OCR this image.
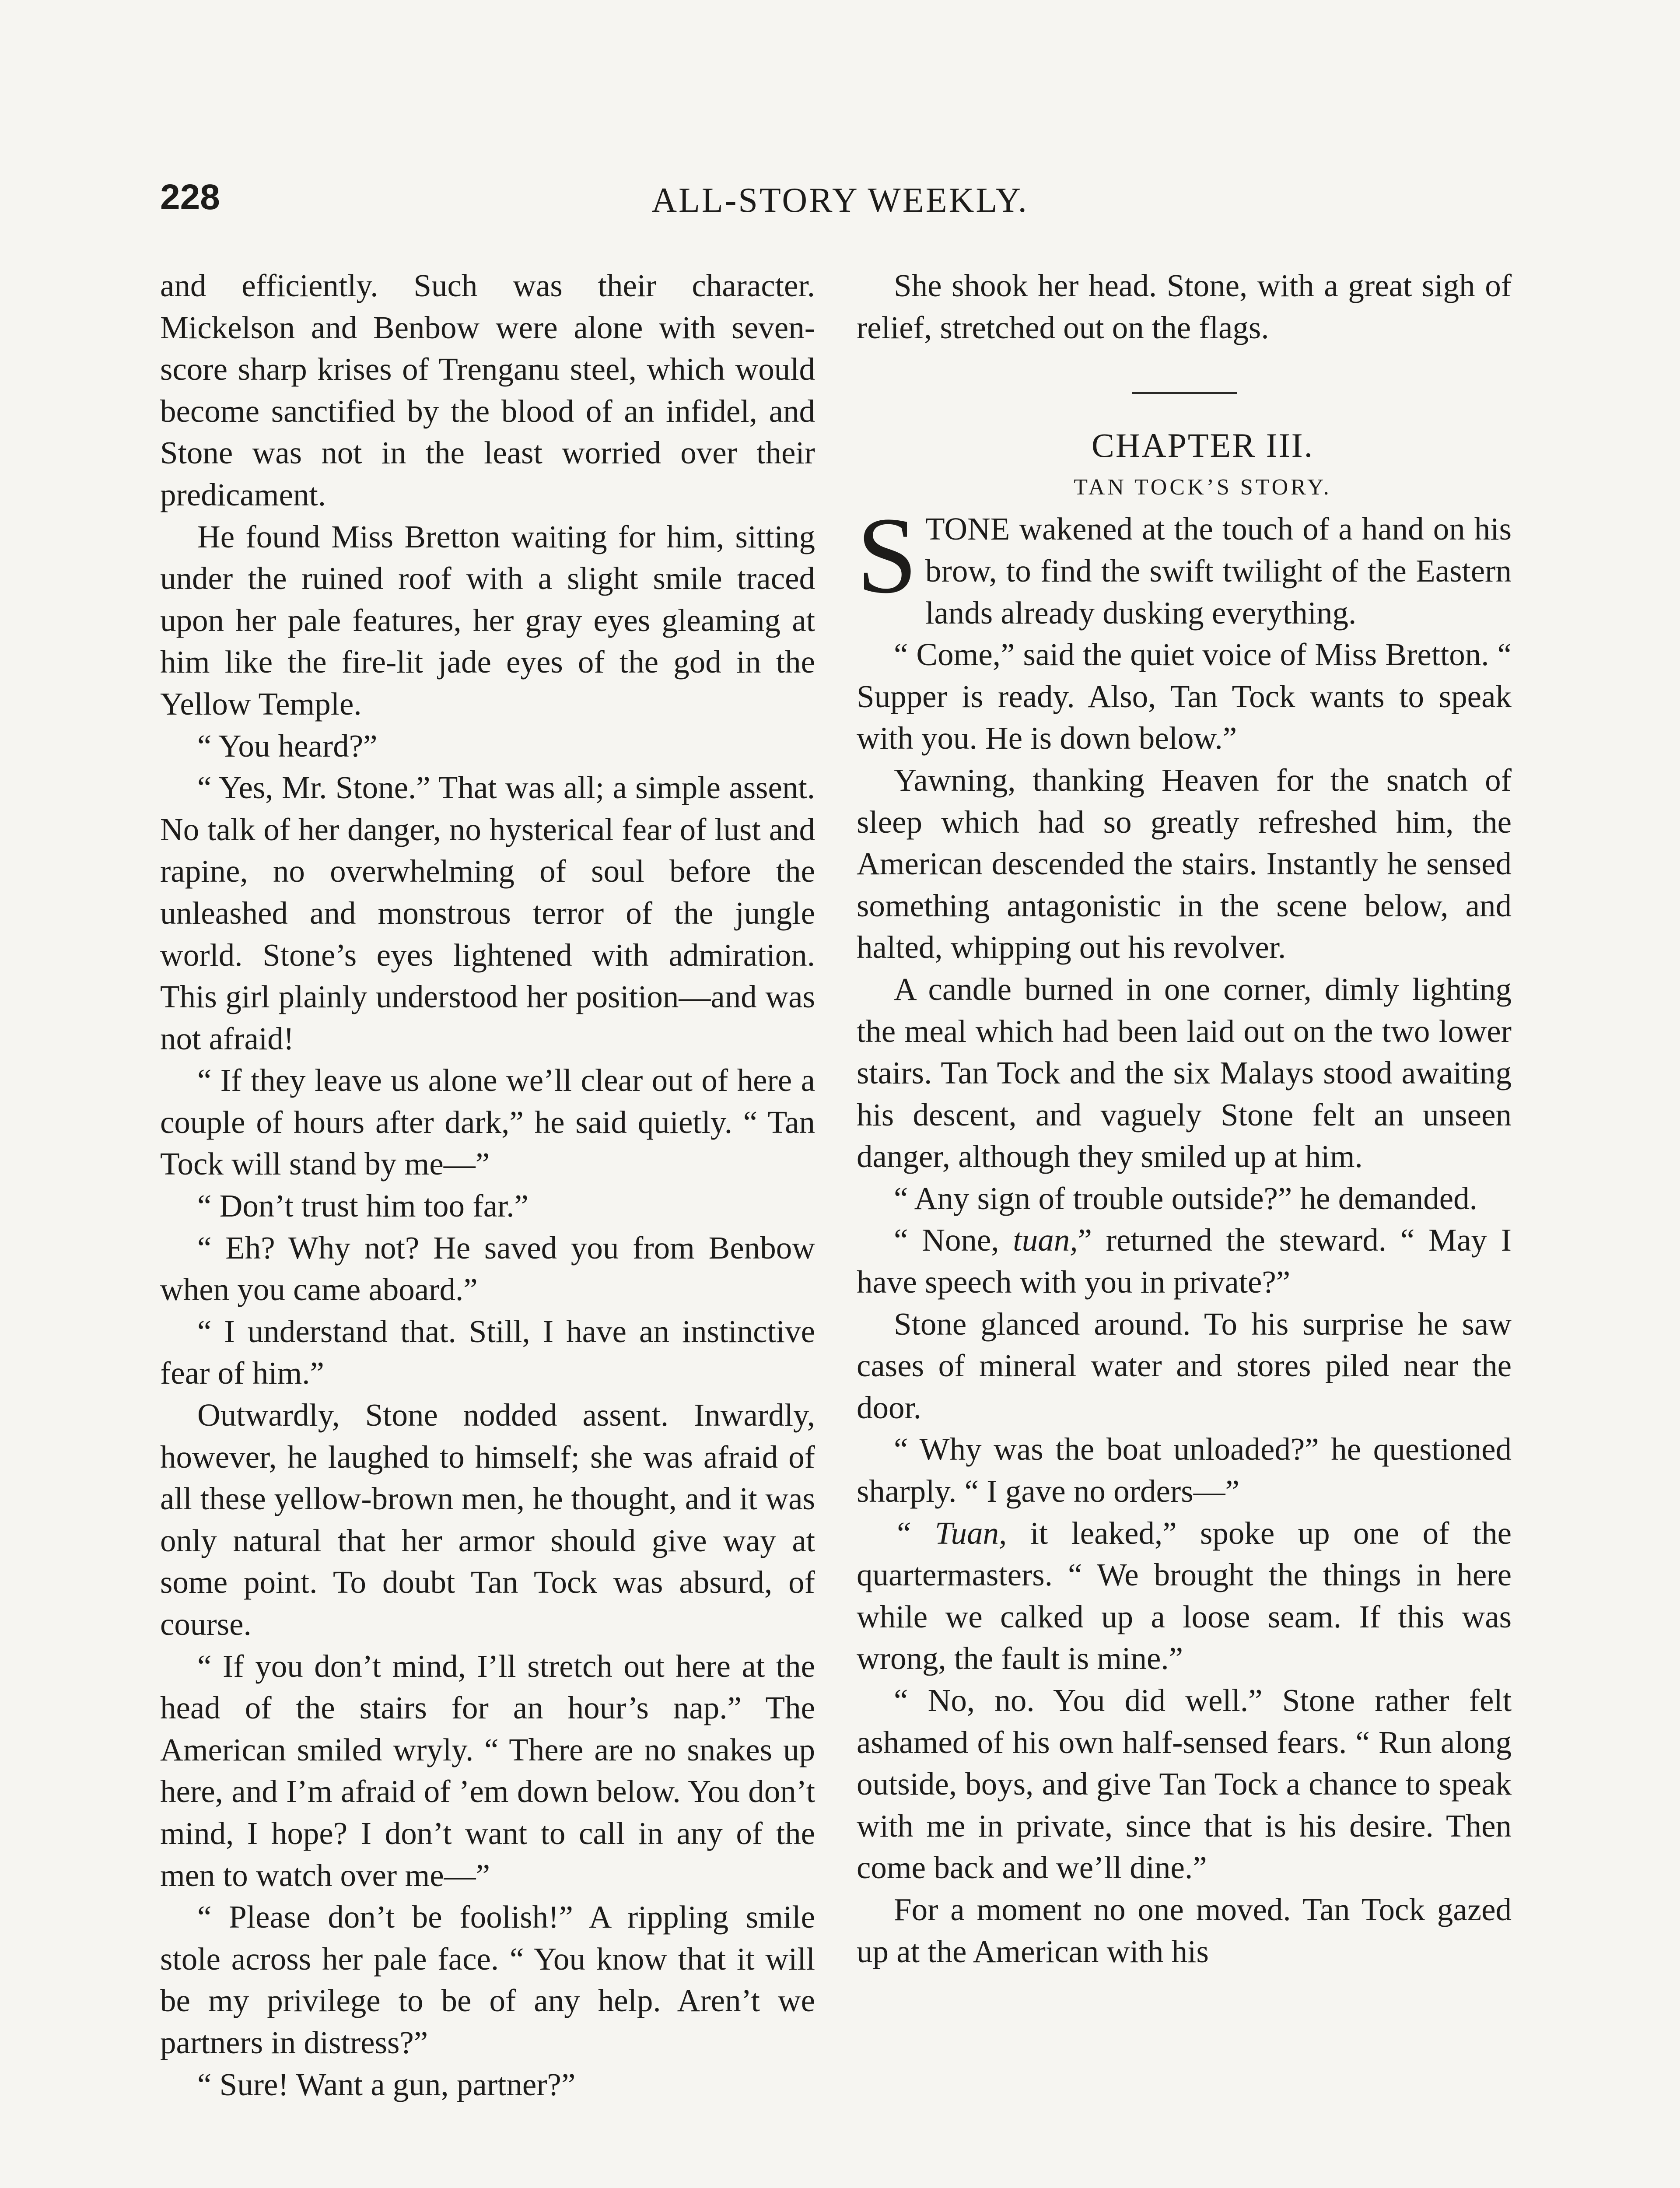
228	ALL-STORY WEEKLY.

and efficiently. Such was their character. Mickelson and Benbow were alone with seven-score sharp krises of Trenganu steel, which would become sanctified by the blood of an infidel, and Stone was not in the least worried over their predicament.

He found Miss Bretton waiting for him, sitting under the ruined roof with a slight smile traced upon her pale features, her gray eyes gleaming at him like the fire-lit jade eyes of the god in the Yellow Temple.

“ You heard?”

“ Yes, Mr. Stone.” That was all; a simple assent. No talk of her danger, no hysterical fear of lust and rapine, no overwhelming of soul before the unleashed and monstrous terror of the jungle world. Stone’s eyes lightened with admiration. This girl plainly understood her position—and was not afraid!

“ If they leave us alone we’ll clear out of here a couple of hours after dark,” he said quietly. “ Tan Tock will stand by me—”

“ Don’t trust him too far.”

“ Eh? Why not? He saved you from Benbow when you came aboard.”

“ I understand that. Still, I have an instinctive fear of him.”

Outwardly, Stone nodded assent. Inwardly, however, he laughed to himself; she was afraid of all these yellow-brown men, he thought, and it was only natural that her armor should give way at some point. To doubt Tan Tock was absurd, of course.

“ If you don’t mind, I’ll stretch out here at the head of the stairs for an hour’s nap.” The American smiled wryly. “ There are no snakes up here, and I’m afraid of ’em down below. You don’t mind, I hope? I don’t want to call in any of the men to watch over me—”

“ Please don’t be foolish!” A rippling smile stole across her pale face. “ You know that it will be my privilege to be of any help. Aren’t we partners in distress?”

“ Sure! Want a gun, partner?”

She shook her head. Stone, with a great sigh of relief, stretched out on the flags.

CHAPTER III.

TAN TOCK’S STORY.

STONE wakened at the touch of a hand on his brow, to find the swift twilight of the Eastern lands already dusking everything.

“ Come,” said the quiet voice of Miss Bretton. “ Supper is ready. Also, Tan Tock wants to speak with you. He is down below.”

Yawning, thanking Heaven for the snatch of sleep which had so greatly refreshed him, the American descended the stairs. Instantly he sensed something antagonistic in the scene below, and halted, whipping out his revolver.

A candle burned in one corner, dimly lighting the meal which had been laid out on the two lower stairs. Tan Tock and the six Malays stood awaiting his descent, and vaguely Stone felt an unseen danger, although they smiled up at him.

“ Any sign of trouble outside?” he demanded.

“ None, tuan,” returned the steward. “ May I have speech with you in private?”

Stone glanced around. To his surprise he saw cases of mineral water and stores piled near the door.

“ Why was the boat unloaded?” he questioned sharply. “ I gave no orders—”

“ Tuan, it leaked,” spoke up one of the quartermasters. “ We brought the things in here while we calked up a loose seam. If this was wrong, the fault is mine.”

“ No, no. You did well.” Stone rather felt ashamed of his own half-sensed fears. “ Run along outside, boys, and give Tan Tock a chance to speak with me in private, since that is his desire. Then come back and we’ll dine.”

For a moment no one moved. Tan Tock gazed up at the American with his
